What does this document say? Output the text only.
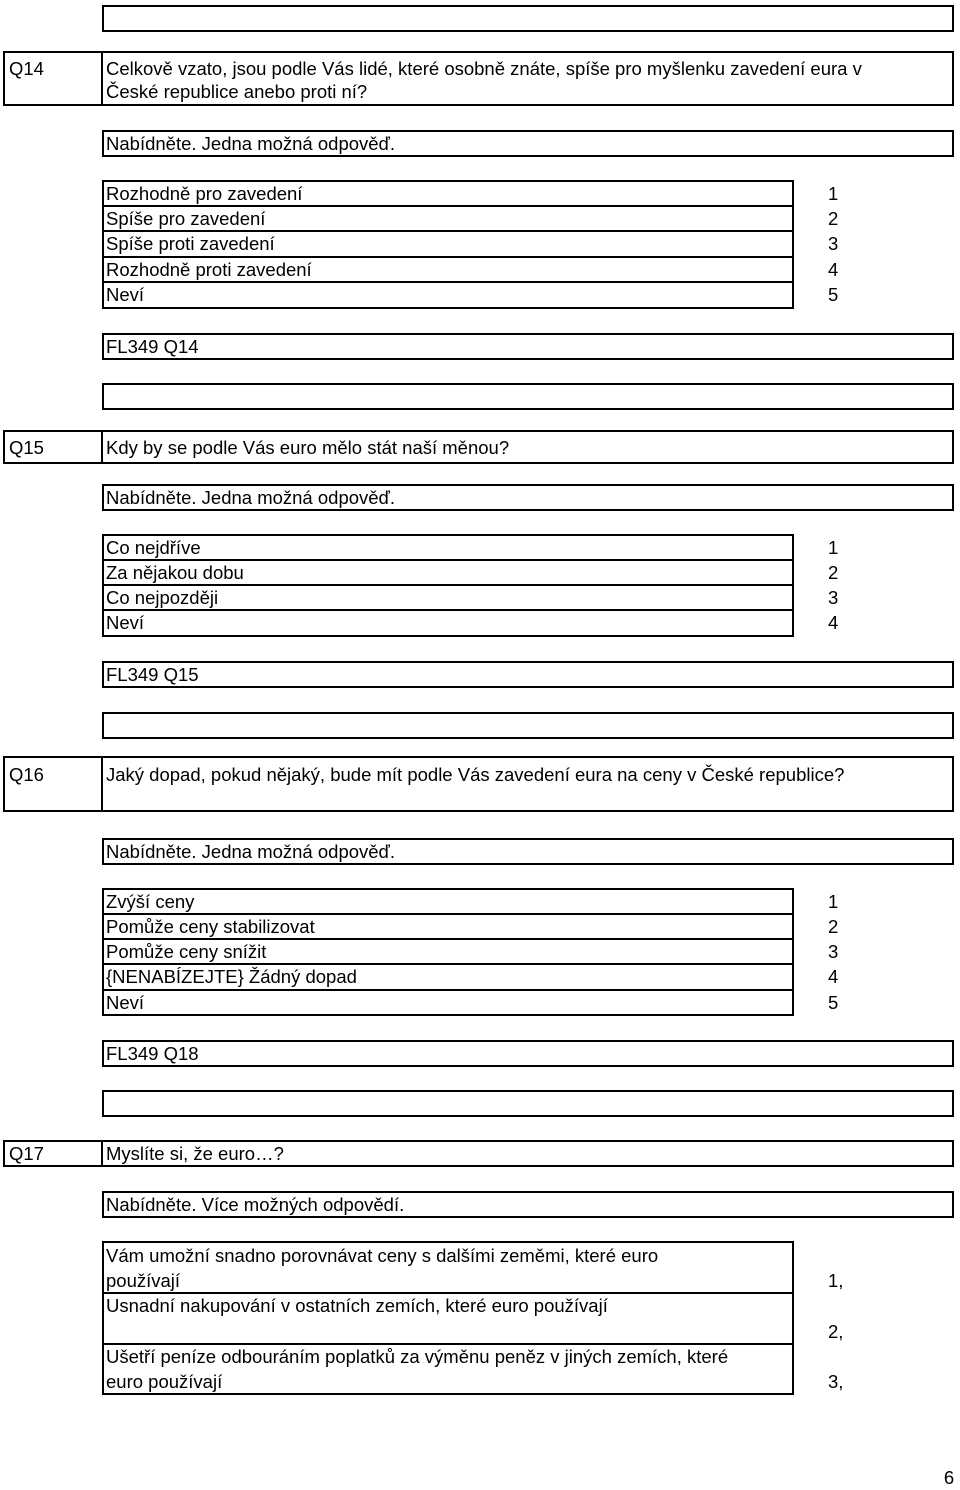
Q14	Celkově vzato, jsou podle Vás lidé, které osobně znáte, spíše pro myšlenku zavedení eura v
České republice anebo proti ní?
Nabídněte. Jedna možná odpověď.
Rozhodně pro zavedení	1
Spíše pro zavedení	2
Spíše proti zavedení	3
Rozhodně proti zavedení	4
Neví	5
FL349 Q14
Q15	Kdy by se podle Vás euro mělo stát naší měnou?
Nabídněte. Jedna možná odpověď.
Co nejdříve	1
Za nějakou dobu	2
Co nejpozději	3
Neví	4
FL349 Q15
Q16	Jaký dopad, pokud nějaký, bude mít podle Vás zavedení eura na ceny v České republice?
Nabídněte. Jedna možná odpověď.
Zvýší ceny	1
Pomůže ceny stabilizovat	2
Pomůže ceny snížit	3
{NENABÍZEJTE} Žádný dopad	4
Neví	5
FL349 Q18
Q17	Myslíte si, že euro…?
Nabídněte. Více možných odpovědí.
Vám umožní snadno porovnávat ceny s dalšími zeměmi, které euro
používají	1,
Usnadní nakupování v ostatních zemích, které euro používají
2,
Ušetří peníze odbouráním poplatků za výměnu peněz v jiných zemích, které
euro používají	3,
6
